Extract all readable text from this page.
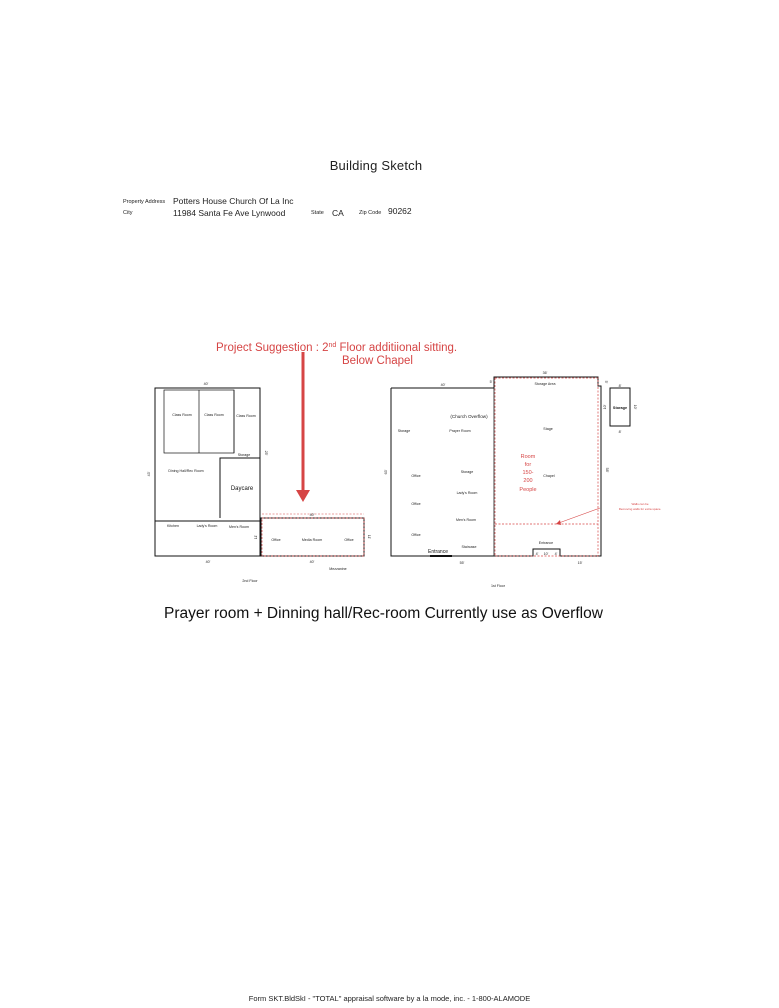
Building Sketch
Property Address Potters House Church Of La Inc
City	11984 Santa Fe Ave Lynwood	State CA	Zip Code 90262
Project Suggestion : 2nd Floor additiional sitting.
Below Chapel
40'
43'
25'
40'
Class Room	Class Room	Class Room
Storage
Dining Hall/Rec Room
Kitchen	Lady's Room	Men's Room
2nd Floor
Daycare
40'
40'
11'	11'
Office	Media Room	Office
Mezzanine
40'
36'
5'	5'
63'	58'
55'	15'
4' 10' 4'
Storage Area
Storage	Prayer Room	Stage
Storage
Office
Lady's Room
Office
Men's Room
Chapel
Office
Staircase
Entrance
1st Floor
(Church Overflow)
Entrance
Room
for
150-
200
People
Walls can be
Removing walls for extra space.
8'
8'
10'	10'
Storage
Prayer room + Dinning hall/Rec-room Currently use as Overflow
Form SKT.BldSkI - "TOTAL" appraisal software by a la mode, inc. - 1-800-ALAMODE
